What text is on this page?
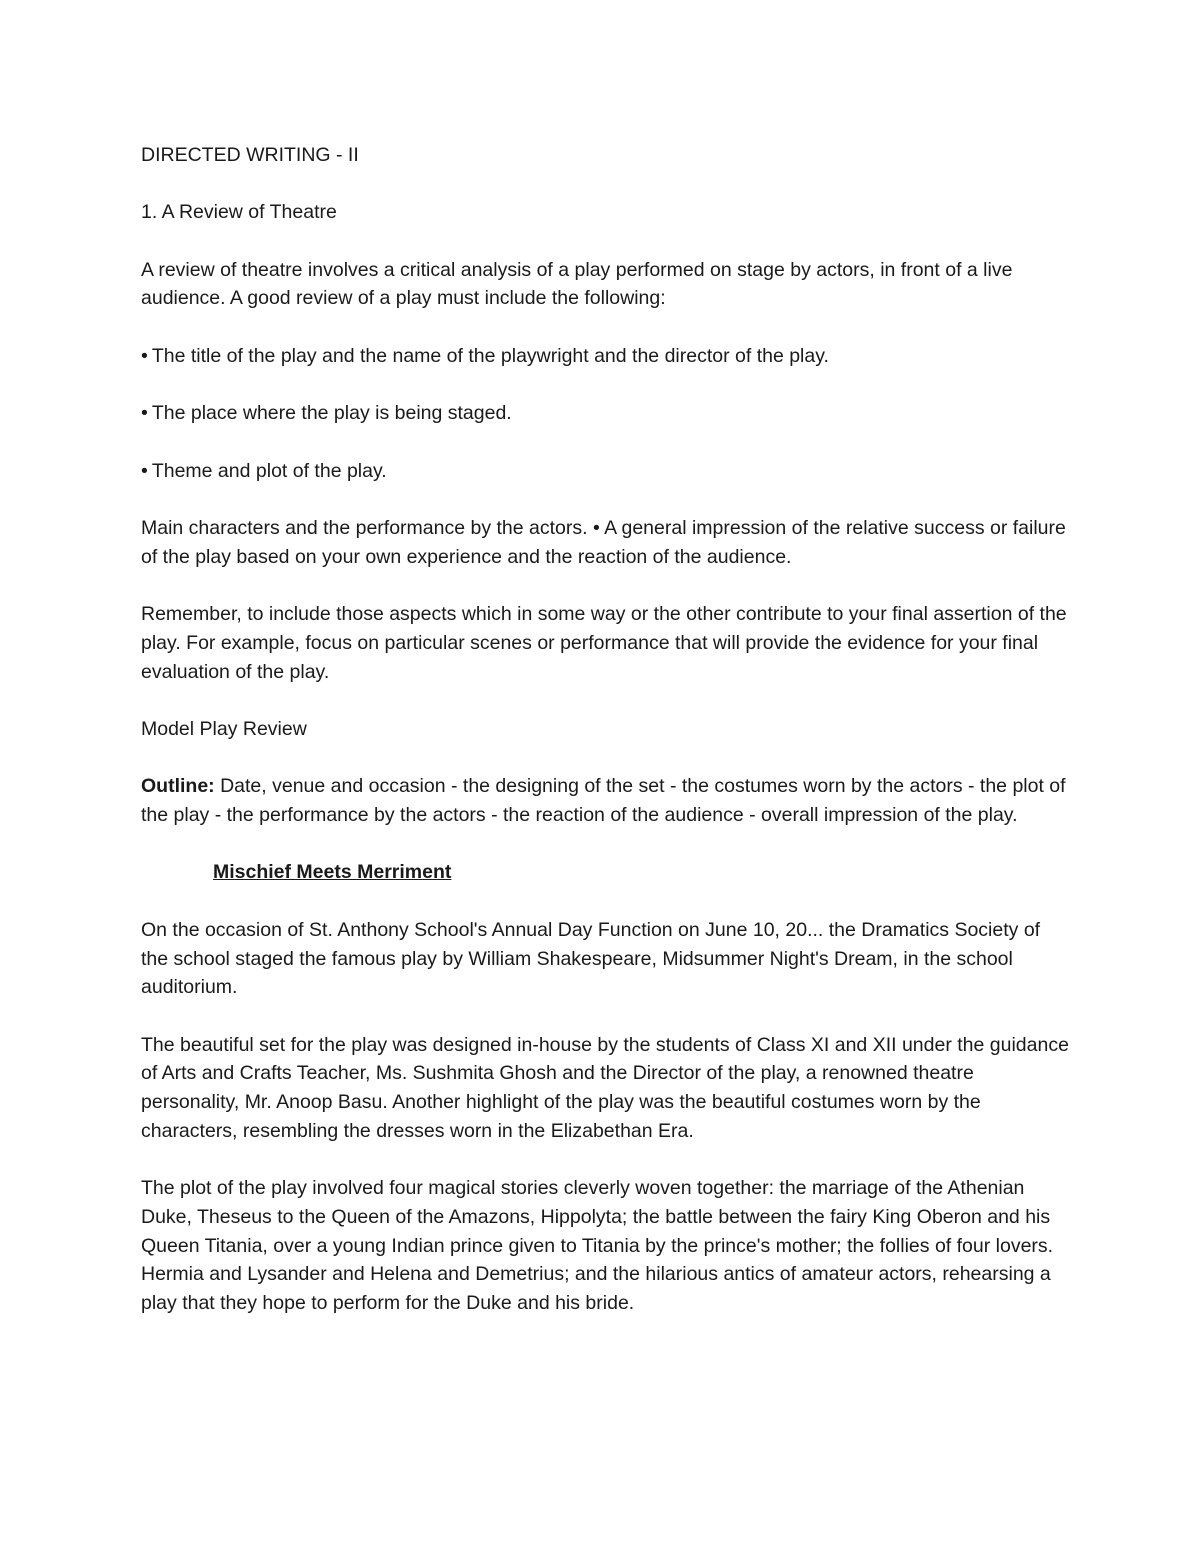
DIRECTED WRITING - II

1. A Review of Theatre

A review of theatre involves a critical analysis of a play performed on stage by actors, in front of a live audience. A good review of a play must include the following:

• The title of the play and the name of the playwright and the director of the play.

• The place where the play is being staged.

• Theme and plot of the play.

Main characters and the performance by the actors. • A general impression of the relative success or failure of the play based on your own experience and the reaction of the audience.

Remember, to include those aspects which in some way or the other contribute to your final assertion of the play. For example, focus on particular scenes or performance that will provide the evidence for your final evaluation of the play.

Model Play Review

Outline: Date, venue and occasion - the designing of the set - the costumes worn by the actors - the plot of the play - the performance by the actors - the reaction of the audience - overall impression of the play.

Mischief Meets Merriment

On the occasion of St. Anthony School's Annual Day Function on June 10, 20... the Dramatics Society of the school staged the famous play by William Shakespeare, Midsummer Night's Dream, in the school auditorium.

The beautiful set for the play was designed in-house by the students of Class XI and XII under the guidance of Arts and Crafts Teacher, Ms. Sushmita Ghosh and the Director of the play, a renowned theatre personality, Mr. Anoop Basu. Another highlight of the play was the beautiful costumes worn by the characters, resembling the dresses worn in the Elizabethan Era.

The plot of the play involved four magical stories cleverly woven together: the marriage of the Athenian Duke, Theseus to the Queen of the Amazons, Hippolyta; the battle between the fairy King Oberon and his Queen Titania, over a young Indian prince given to Titania by the prince's mother; the follies of four lovers. Hermia and Lysander and Helena and Demetrius; and the hilarious antics of amateur actors, rehearsing a play that they hope to perform for the Duke and his bride.
